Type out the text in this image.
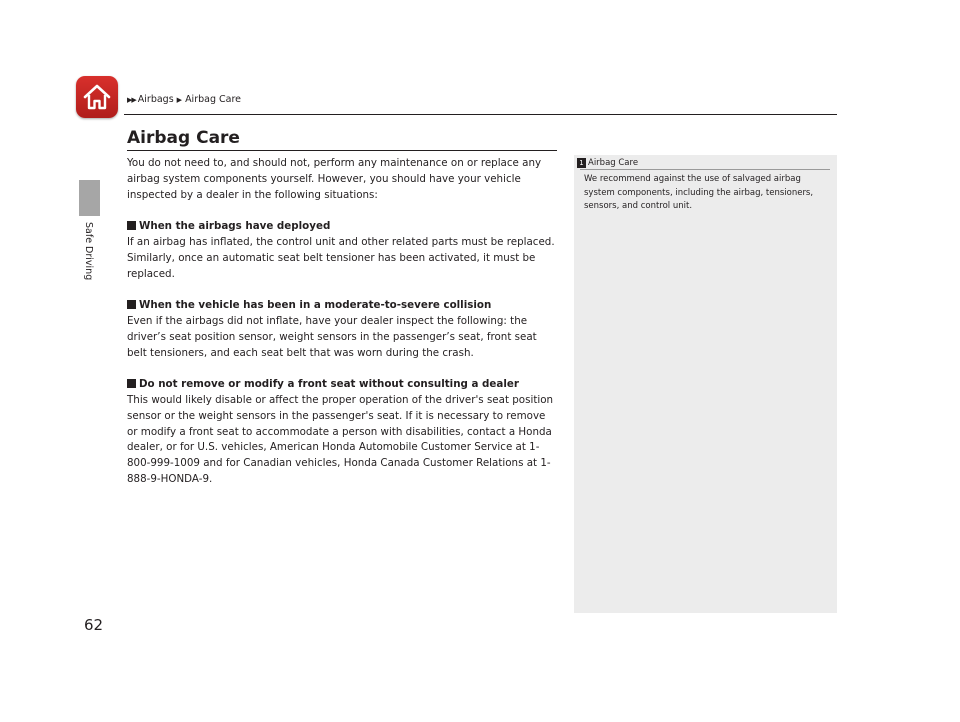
▶▶ Airbags ▶ Airbag Care
Safe Driving
Airbag Care

You do not need to, and should not, perform any maintenance on or replace any airbag system components yourself. However, you should have your vehicle inspected by a dealer in the following situations:

When the airbags have deployed

If an airbag has inflated, the control unit and other related parts must be replaced. Similarly, once an automatic seat belt tensioner has been activated, it must be replaced.

When the vehicle has been in a moderate-to-severe collision

Even if the airbags did not inflate, have your dealer inspect the following: the driver’s seat position sensor, weight sensors in the passenger’s seat, front seat belt tensioners, and each seat belt that was worn during the crash.

Do not remove or modify a front seat without consulting a dealer

This would likely disable or affect the proper operation of the driver's seat position sensor or the weight sensors in the passenger's seat. If it is necessary to remove or modify a front seat to accommodate a person with disabilities, contact a Honda dealer, or for U.S. vehicles, American Honda Automobile Customer Service at 1-800-999-1009 and for Canadian vehicles, Honda Canada Customer Relations at 1-888-9-HONDA-9.

1 Airbag Care

We recommend against the use of salvaged airbag system components, including the airbag, tensioners, sensors, and control unit.

62
